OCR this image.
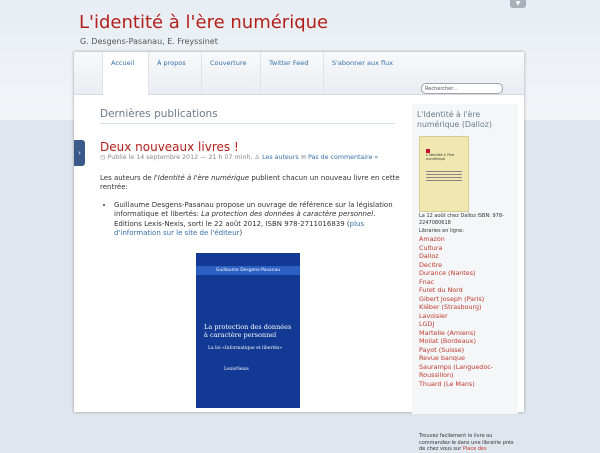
L'identité à l'ère numérique
G. Desgens-Pasanau, E. Freyssinet
▼
Accueil	À propos	Couverture	Twitter Feed	S'abonner aux flux
Rechercher...
Dernières publications
Deux nouveaux livres !
◷ Publié le 14 septembre 2012 — 21 h 07 minh. ♙ Les auteurs ✉ Pas de commentaire »

Les auteurs de l'Identité à l'ère numérique publient chacun un nouveau livre en cette rentrée:

• Guillaume Desgens-Pasanau propose un ouvrage de référence sur la législation informatique et libertés: La protection des données à caractère personnel. Editions Lexis-Nexis, sorti le 22 août 2012, ISBN 978-2711016839 (plus d'information sur le site de l'éditeur)
Guillaume Desgens-Pasanau
La protection des données à caractère personnel
La loi «Informatique et libertés»
LexisNexis
L'Identité à l'ère numérique (Dalloz)
L'identité à l'ère numérique
La 12 août chez Dalloz ISBN: 978-2247080618
Libraries en ligne:
Amazon
Cultura
Dalloz
Decitre
Durance (Nantes)
Fnac
Furet du Nord
Gibert Joseph (Paris)
Kléber (Strasbourg)
Lavoisier
LGDJ
Martelle (Amiens)
Mollat (Bordeaux)
Payot (Suisse)
Revue banque
Sauramps (Languedoc-Roussillon)
Thuard (Le Mans)
Trouvez facilement le livre ou commandez-le dans une librairie près de chez vous sur Place des
›
